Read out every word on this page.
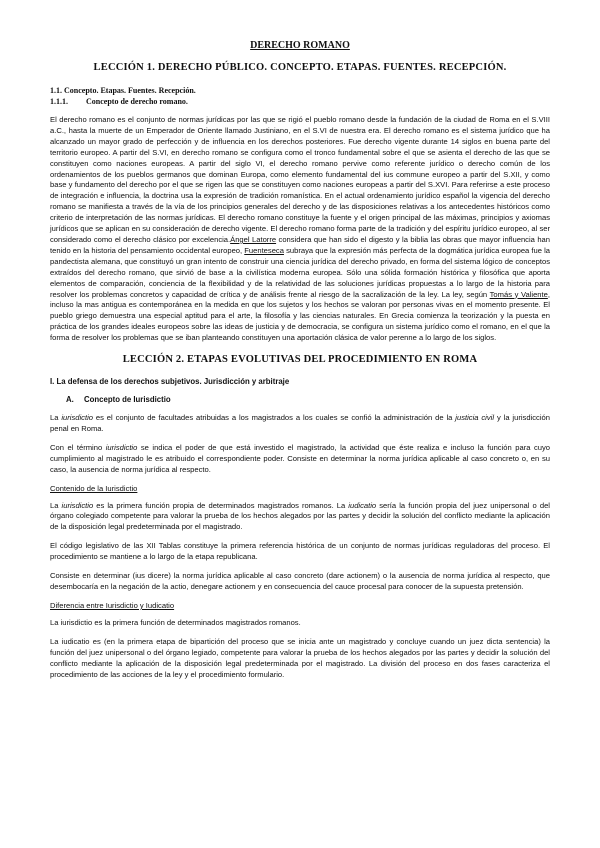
DERECHO ROMANO
LECCIÓN 1. DERECHO PÚBLICO. CONCEPTO. ETAPAS. FUENTES. RECEPCIÓN.
1.1. Concepto. Etapas. Fuentes. Recepción.
1.1.1. Concepto de derecho romano.

El derecho romano es el conjunto de normas jurídicas por las que se rigió el pueblo romano desde la fundación de la ciudad de Roma en el S.VIII a.C., hasta la muerte de un Emperador de Oriente llamado Justiniano, en el S.VI de nuestra era. El derecho romano es el sistema jurídico que ha alcanzado un mayor grado de perfección y de influencia en los derechos posteriores. Fue derecho vigente durante 14 siglos en buena parte del territorio europeo. A partir del S.VI, en derecho romano se configura como el tronco fundamental sobre el que se asienta el derecho de las que se constituyen como naciones europeas. A partir del siglo VI, el derecho romano pervive como referente jurídico o derecho común de los ordenamientos de los pueblos germanos que dominan Europa, como elemento fundamental del ius commune europeo a partir del S.XII, y como base y fundamento del derecho por el que se rigen las que se constituyen como naciones europeas a partir del S.XVI. Para referirse a este proceso de integración e influencia, la doctrina usa la expresión de tradición romanística. En el actual ordenamiento jurídico español la vigencia del derecho romano se manifiesta a través de la vía de los principios generales del derecho y de las disposiciones relativas a los antecedentes históricos como criterio de interpretación de las normas jurídicas. El derecho romano constituye la fuente y el origen principal de las máximas, principios y axiomas jurídicos que se aplican en su consideración de derecho vigente. El derecho romano forma parte de la tradición y del espíritu jurídico europeo, al ser considerado como el derecho clásico por excelencia.Ángel Latorre considera que han sido el digesto y la biblia las obras que mayor influencia han tenido en la historia del pensamiento occidental europeo, Fuenteseca subraya que la expresión más perfecta de la dogmática jurídica europea fue la pandectista alemana, que constituyó un gran intento de construir una ciencia jurídica del derecho privado, en forma del sistema lógico de conceptos extraídos del derecho romano, que sirvió de base a la civilística moderna europea. Sólo una sólida formación histórica y filosófica que aporta elementos de comparación, conciencia de la flexibilidad y de la relatividad de las soluciones jurídicas propuestas a lo largo de la historia para resolver los problemas concretos y capacidad de crítica y de análisis frente al riesgo de la sacralización de la ley. La ley, según Tomás y Valiente, incluso la mas antigua es contemporánea en la medida en que los sujetos y los hechos se valoran por personas vivas en el momento presente. El pueblo griego demuestra una especial aptitud para el arte, la filosofía y las ciencias naturales. En Grecia comienza la teorización y la puesta en práctica de los grandes ideales europeos sobre las ideas de justicia y de democracia, se configura un sistema jurídico como el romano, en el que la forma de resolver los problemas que se iban planteando constituyen una aportación clásica de valor perenne a lo largo de los siglos.

LECCIÓN 2. ETAPAS EVOLUTIVAS DEL PROCEDIMIENTO EN ROMA
I. La defensa de los derechos subjetivos. Jurisdicción y arbitraje
A. Concepto de Iurisdictio

La iurisdictio es el conjunto de facultades atribuidas a los magistrados a los cuales se confió la administración de la justicia civil y la jurisdicción penal en Roma.

Con el término iurisdictio se indica el poder de que está investido el magistrado, la actividad que éste realiza e incluso la función para cuyo cumplimiento al magistrado le es atribuido el correspondiente poder. Consiste en determinar la norma jurídica aplicable al caso concreto o, en su caso, la ausencia de norma jurídica al respecto.

Contenido de la Iurisdictio

La iurisdictio es la primera función propia de determinados magistrados romanos. La iudicatio sería la función propia del juez unipersonal o del órgano colegiado competente para valorar la prueba de los hechos alegados por las partes y decidir la solución del conflicto mediante la aplicación de la disposición legal predeterminada por el magistrado.

El código legislativo de las XII Tablas constituye la primera referencia histórica de un conjunto de normas jurídicas reguladoras del proceso. El procedimiento se mantiene a lo largo de la etapa republicana.

Consiste en determinar (ius dicere) la norma jurídica aplicable al caso concreto (dare actionem) o la ausencia de norma jurídica al respecto, que desembocaría en la negación de la actio, denegare actionem y en consecuencia del cauce procesal para conocer de la supuesta pretensión.

Diferencia entre Iurisdictio y Iudicatio

La iurisdictio es la primera función de determinados magistrados romanos.

La iudicatio es (en la primera etapa de bipartición del proceso que se inicia ante un magistrado y concluye cuando un juez dicta sentencia) la función del juez unipersonal o del órgano legiado, competente para valorar la prueba de los hechos alegados por las partes y decidir la solución del conflicto mediante la aplicación de la disposición legal predeterminada por el magistrado. La división del proceso en dos fases caracteriza el procedimiento de las acciones de la ley y el procedimiento formulario.
